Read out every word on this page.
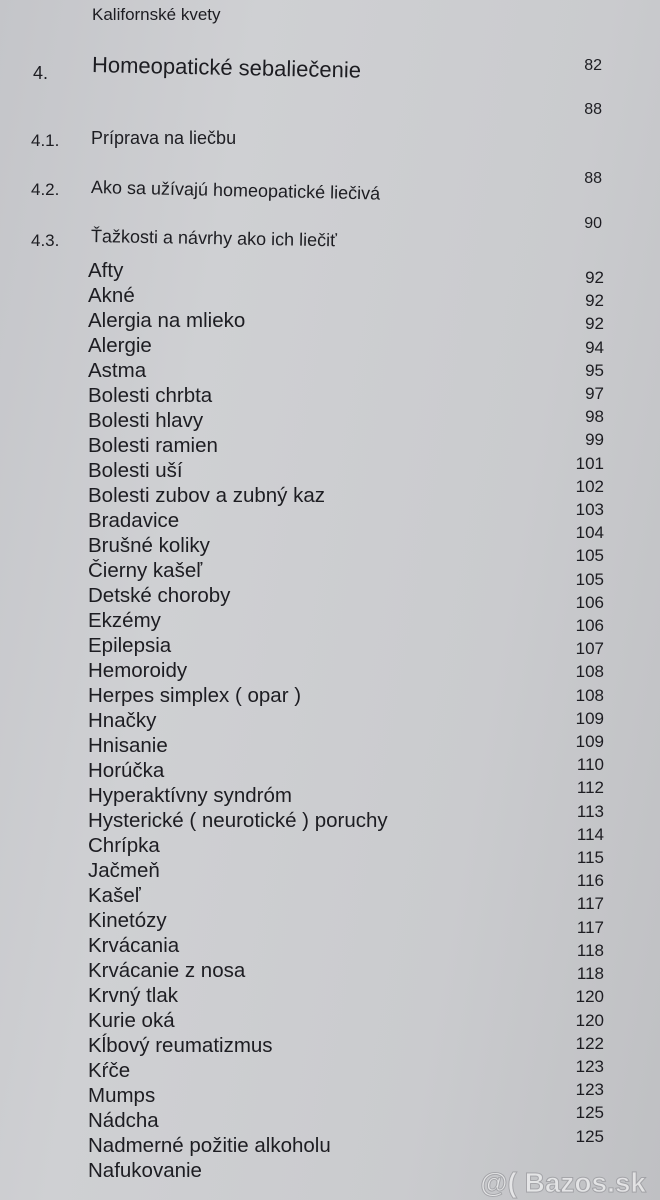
Kalifornské kvety
4. Homeopatické sebaliečenie	82
4.1. Príprava na liečbu
88
4.2. Ako sa užívajú homeopatické liečivá	88
4.3. Ťažkosti a návrhy ako ich liečiť
90
Afty
Akné
Alergia na mlieko
Alergie
Astma
Bolesti chrbta
Bolesti hlavy
Bolesti ramien
Bolesti uší
Bolesti zubov a zubný kaz
Bradavice
Brušné koliky
Čierny kašeľ
Detské choroby
Ekzémy
Epilepsia
Hemoroidy
Herpes simplex ( opar )
Hnačky
Hnisanie
Horúčka
Hyperaktívny syndróm
Hysterické ( neurotické ) poruchy
Chrípka
Jačmeň
Kašeľ
Kinetózy
Krvácania
Krvácanie z nosa
Krvný tlak
Kurie oká
Kĺbový reumatizmus
Kŕče
Mumps
Nádcha
Nadmerné požitie alkoholu
Nafukovanie
92
92
92
94
95
97
98
99
101
102
103
104
105
105
106
106
107
108
108
109
109
110
112
113
114
115
116
117
117
118
118
120
120
122
123
123
125
125
@( Bazos.sk
